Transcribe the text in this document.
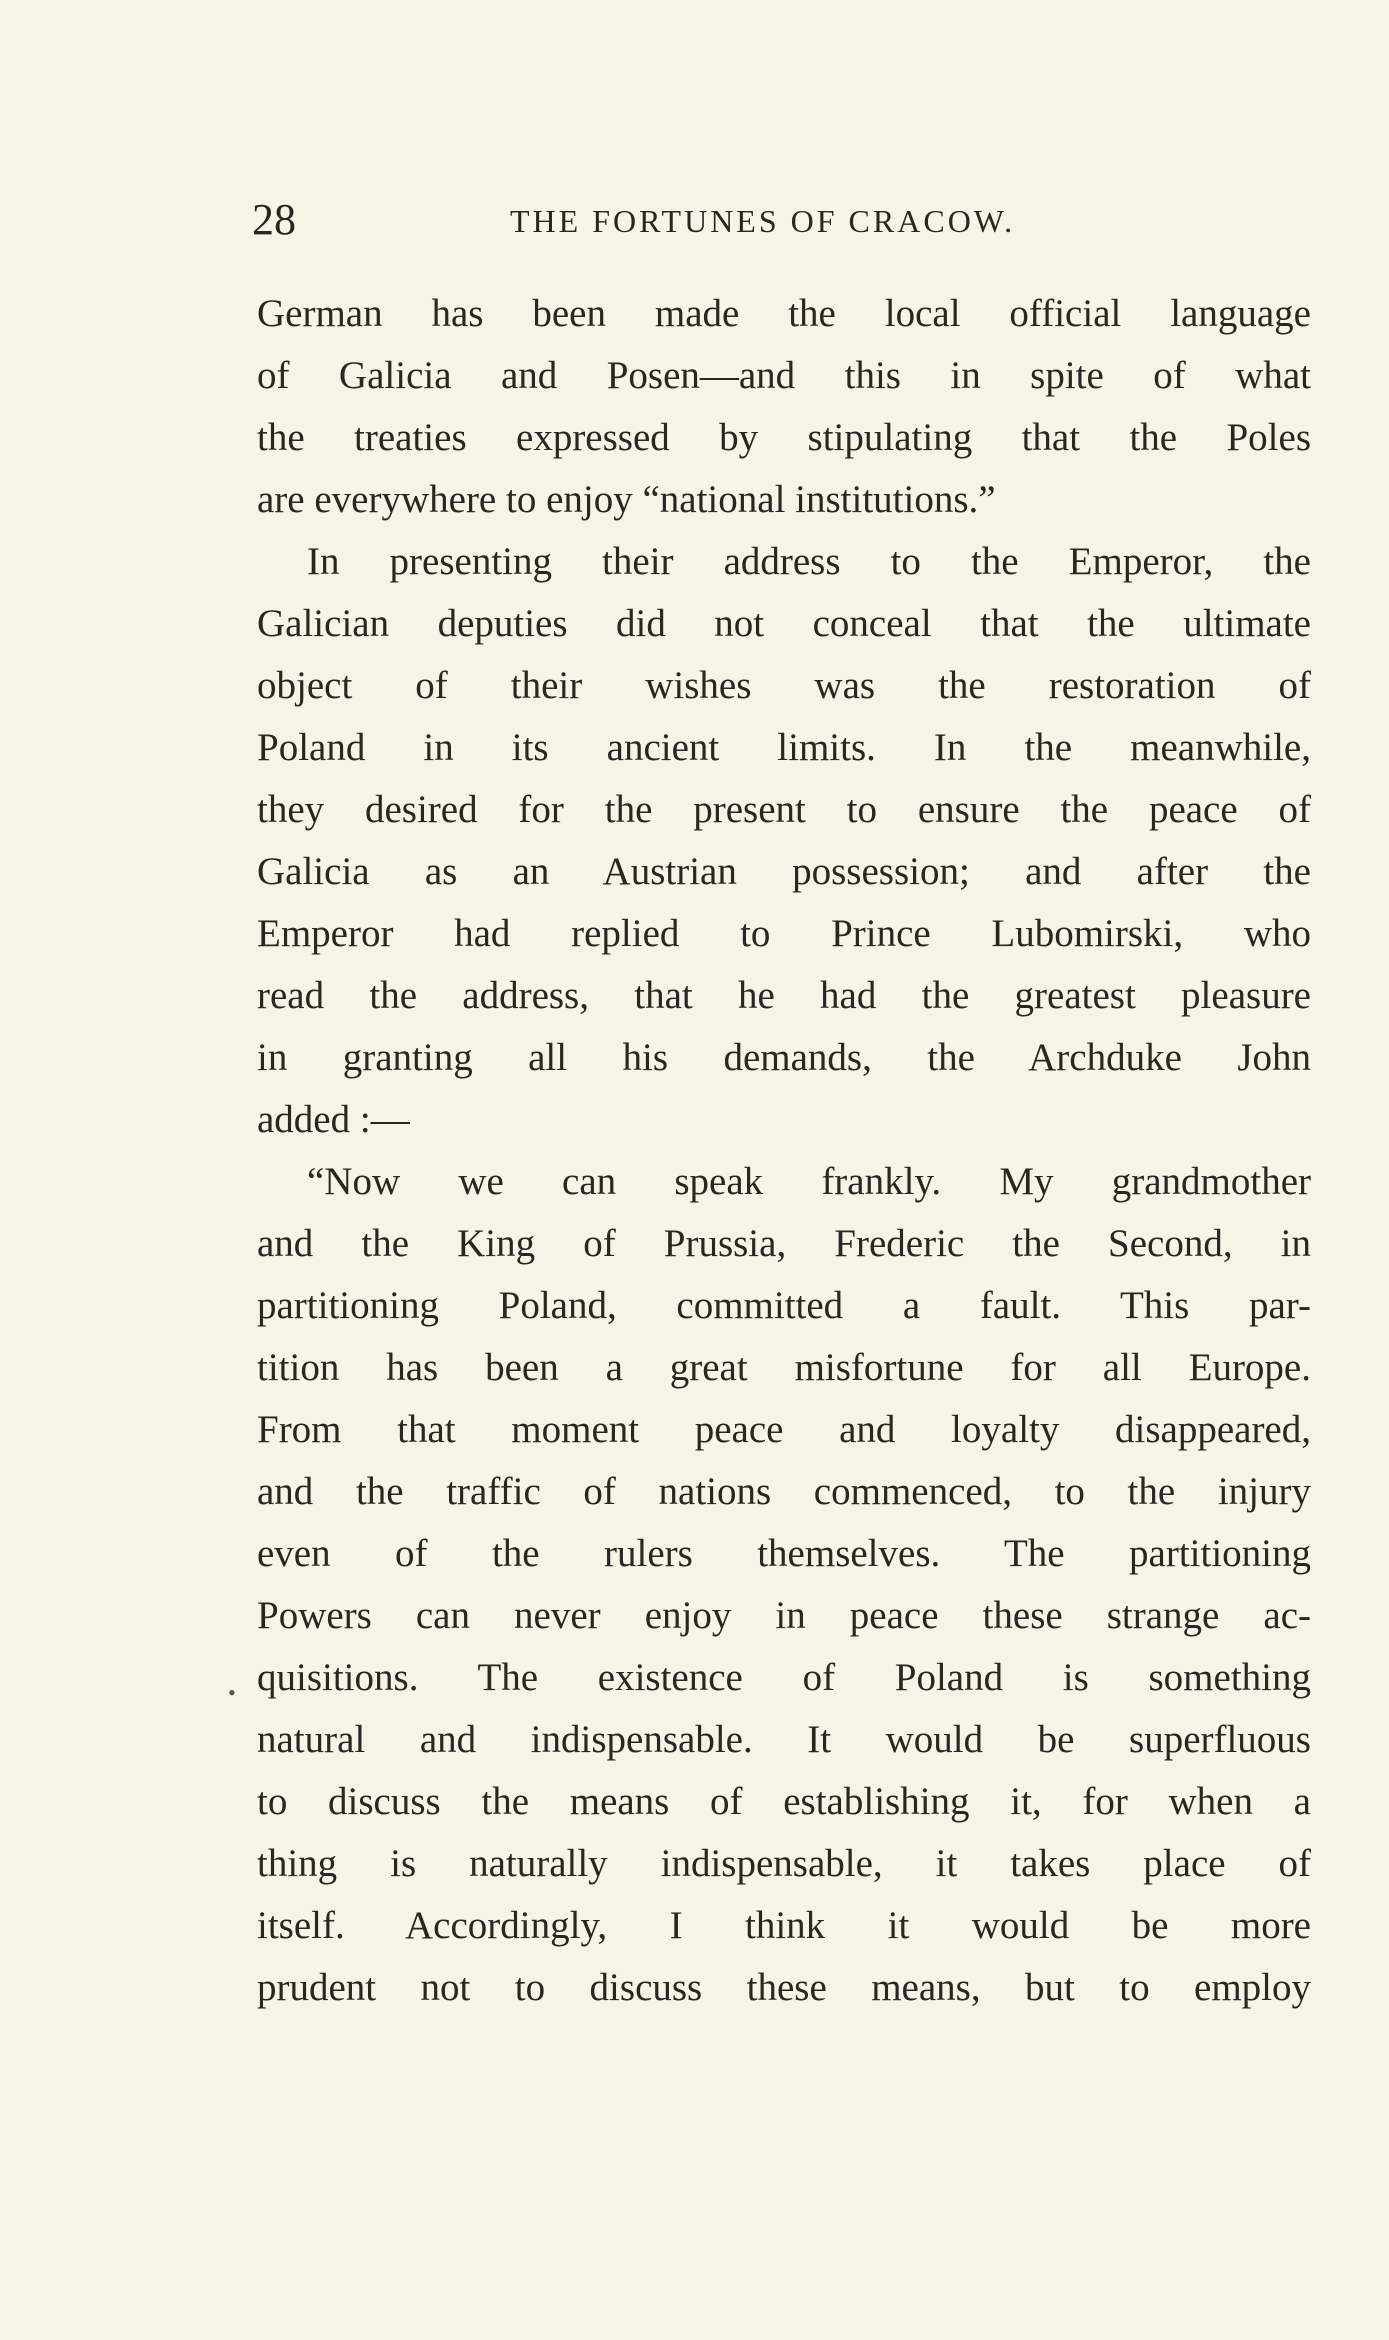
28	THE FORTUNES OF CRACOW.
•
German has been made the local official language
of Galicia and Posen—and this in spite of what
the treaties expressed by stipulating that the Poles
are everywhere to enjoy “national institutions.”
In presenting their address to the Emperor, the
Galician deputies did not conceal that the ultimate
object of their wishes was the restoration of
Poland in its ancient limits. In the meanwhile,
they desired for the present to ensure the peace of
Galicia as an Austrian possession; and after the
Emperor had replied to Prince Lubomirski, who
read the address, that he had the greatest pleasure
in granting all his demands, the Archduke John
added :—
“Now we can speak frankly. My grandmother
and the King of Prussia, Frederic the Second, in
partitioning Poland, committed a fault. This par-
tition has been a great misfortune for all Europe.
From that moment peace and loyalty disappeared,
and the traffic of nations commenced, to the injury
even of the rulers themselves. The partitioning
Powers can never enjoy in peace these strange ac-
quisitions. The existence of Poland is something
natural and indispensable. It would be superfluous
to discuss the means of establishing it, for when a
thing is naturally indispensable, it takes place of
itself. Accordingly, I think it would be more
prudent not to discuss these means, but to employ
